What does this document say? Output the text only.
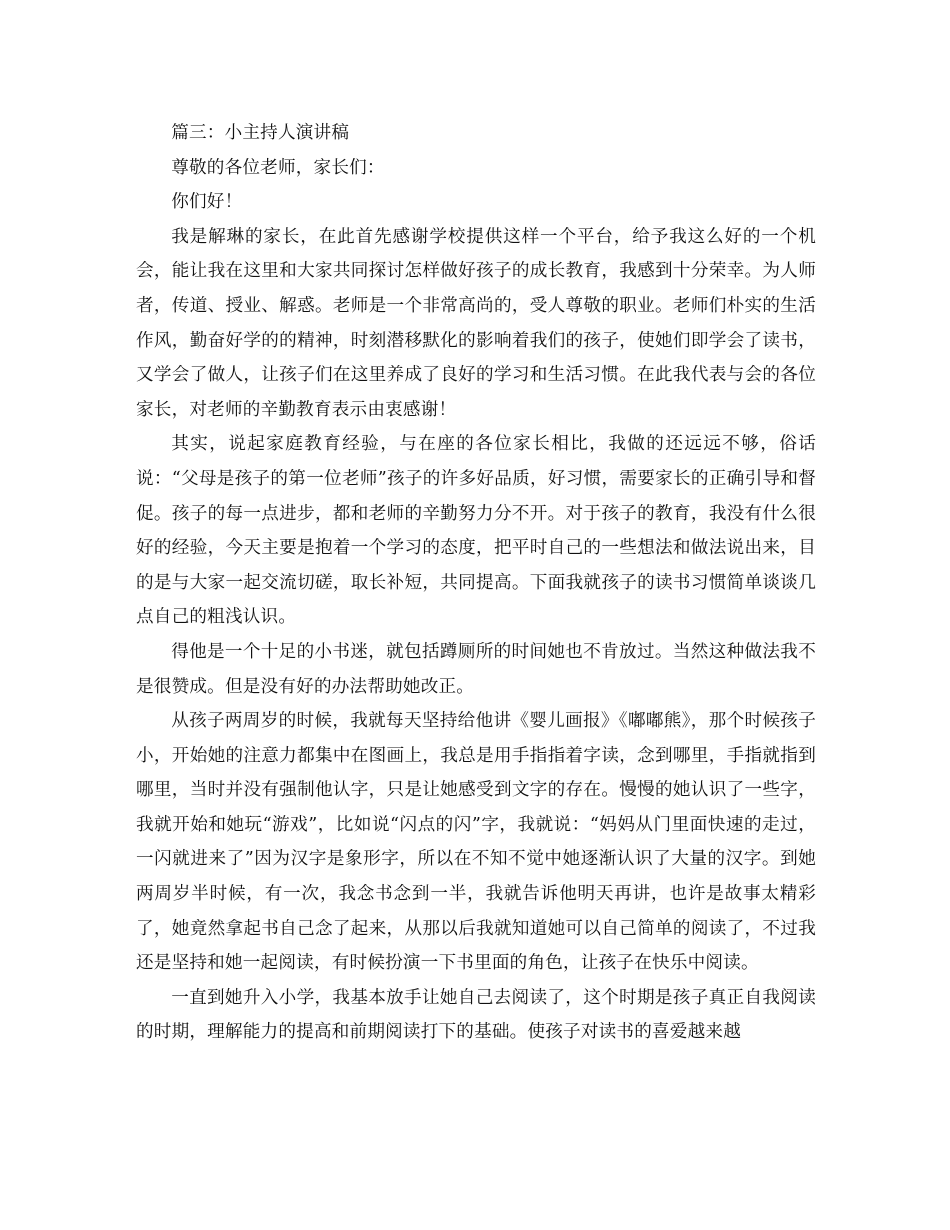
篇三：小主持人演讲稿

尊敬的各位老师，家长们：

你们好！

我是解琳的家长，在此首先感谢学校提供这样一个平台，给予我这么好的一个机会，能让我在这里和大家共同探讨怎样做好孩子的成长教育，我感到十分荣幸。为人师者，传道、授业、解惑。老师是一个非常高尚的，受人尊敬的职业。老师们朴实的生活作风，勤奋好学的的精神，时刻潜移默化的影响着我们的孩子，使她们即学会了读书，又学会了做人，让孩子们在这里养成了良好的学习和生活习惯。在此我代表与会的各位家长，对老师的辛勤教育表示由衷感谢！

其实，说起家庭教育经验，与在座的各位家长相比，我做的还远远不够，俗话说：“父母是孩子的第一位老师”孩子的许多好品质，好习惯，需要家长的正确引导和督促。孩子的每一点进步，都和老师的辛勤努力分不开。对于孩子的教育，我没有什么很好的经验，今天主要是抱着一个学习的态度，把平时自己的一些想法和做法说出来，目的是与大家一起交流切磋，取长补短，共同提高。下面我就孩子的读书习惯简单谈谈几点自己的粗浅认识。

得他是一个十足的小书迷，就包括蹲厕所的时间她也不肯放过。当然这种做法我不是很赞成。但是没有好的办法帮助她改正。

从孩子两周岁的时候，我就每天坚持给他讲《婴儿画报》《嘟嘟熊》，那个时候孩子小，开始她的注意力都集中在图画上，我总是用手指指着字读，念到哪里，手指就指到哪里，当时并没有强制他认字，只是让她感受到文字的存在。慢慢的她认识了一些字，我就开始和她玩“游戏”，比如说“闪点的闪”字，我就说：“妈妈从门里面快速的走过，一闪就进来了”因为汉字是象形字，所以在不知不觉中她逐渐认识了大量的汉字。到她两周岁半时候，有一次，我念书念到一半，我就告诉他明天再讲，也许是故事太精彩了，她竟然拿起书自己念了起来，从那以后我就知道她可以自己简单的阅读了，不过我还是坚持和她一起阅读，有时候扮演一下书里面的角色，让孩子在快乐中阅读。

一直到她升入小学，我基本放手让她自己去阅读了，这个时期是孩子真正自我阅读的时期，理解能力的提高和前期阅读打下的基础。使孩子对读书的喜爱越来越
